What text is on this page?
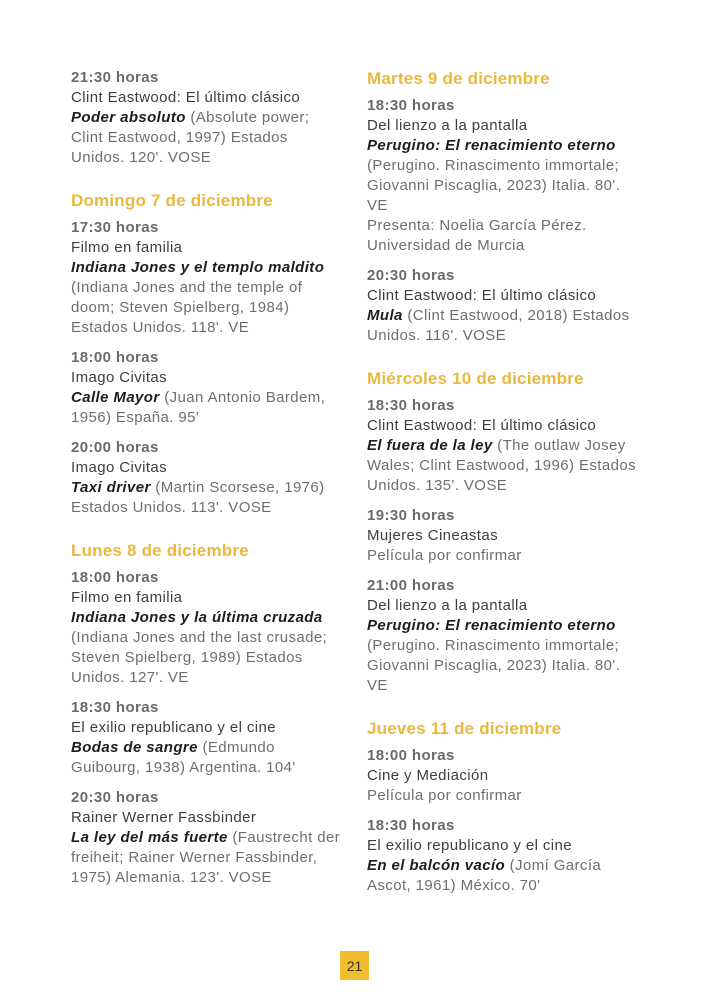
21:30 horas
Clint Eastwood: El último clásico

Poder absoluto (Absolute power; Clint Eastwood, 1997) Estados Unidos. 120'. VOSE

Domingo 7 de diciembre
17:30 horas
Filmo en familia

Indiana Jones y el templo maldito(Indiana Jones and the temple of doom; Steven Spielberg, 1984) Estados Unidos. 118'. VE

18:00 horas
Imago Civitas

Calle Mayor (Juan Antonio Bardem, 1956) España. 95'

20:00 horas
Imago Civitas

Taxi driver (Martin Scorsese, 1976) Estados Unidos. 113'. VOSE

Lunes 8 de diciembre
18:00 horas
Filmo en familia

Indiana Jones y la última cruzada(Indiana Jones and the last crusade; Steven Spielberg, 1989) Estados Unidos. 127'. VE

18:30 horas
El exilio republicano y el cine

Bodas de sangre (Edmundo Guibourg, 1938) Argentina. 104'

20:30 horas
Rainer Werner Fassbinder

La ley del más fuerte (Faustrecht der freiheit; Rainer Werner Fassbinder, 1975) Alemania. 123'. VOSE

Martes 9 de diciembre
18:30 horas
Del lienzo a la pantalla

Perugino: El renacimiento eterno(Perugino. Rinascimento immortale; Giovanni Piscaglia, 2023) Italia. 80'. VE

Presenta: Noelia García Pérez. Universidad de Murcia
20:30 horas
Clint Eastwood: El último clásico

Mula (Clint Eastwood, 2018) Estados Unidos. 116'. VOSE

Miércoles 10 de diciembre
18:30 horas
Clint Eastwood: El último clásico

El fuera de la ley (The outlaw Josey Wales; Clint Eastwood, 1996) Estados Unidos. 135'. VOSE

19:30 horas
Mujeres Cineastas

Película por confirmar

21:00 horas
Del lienzo a la pantalla

Perugino: El renacimiento eterno(Perugino. Rinascimento immortale; Giovanni Piscaglia, 2023) Italia. 80'. VE

Jueves 11 de diciembre
18:00 horas
Cine y Mediación

Película por confirmar

18:30 horas
El exilio republicano y el cine

En el balcón vacío (Jomí García Ascot, 1961) México. 70'

21
